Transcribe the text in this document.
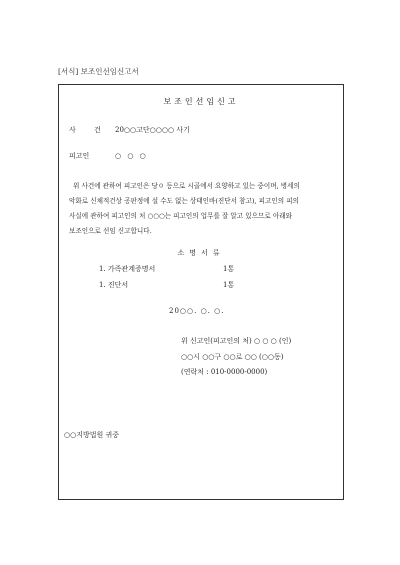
[서식] 보조인선임신고서
보조인선임신고
사 건 20○○고단○○○○ 사기
피고인	○ ○ ○
위 사건에 관하여 피고인은 당ㅇ 등으로 시골에서 요양하고 있는 중이며, 병세의
악화로 신체적건상 공판정에 설 수도 없는 상태인바(진단서 참고), 피고인의 피의
사실에 관하여 피고인의 처 ○○○는 피고인의 업무를 잘 알고 있으므로 아래와
보조인으로 선임 신고합니다.
소명서류
1. 가족관계증명서	1통
1. 진단서	1통
20○○. ○. ○.
위 신고인(피고인의 처) ○ ○ ○ (인)
○○시 ○○구 ○○로 ○○ (○○동)
(연락처 : 010-0000-0000)
○○지방법원 귀중
